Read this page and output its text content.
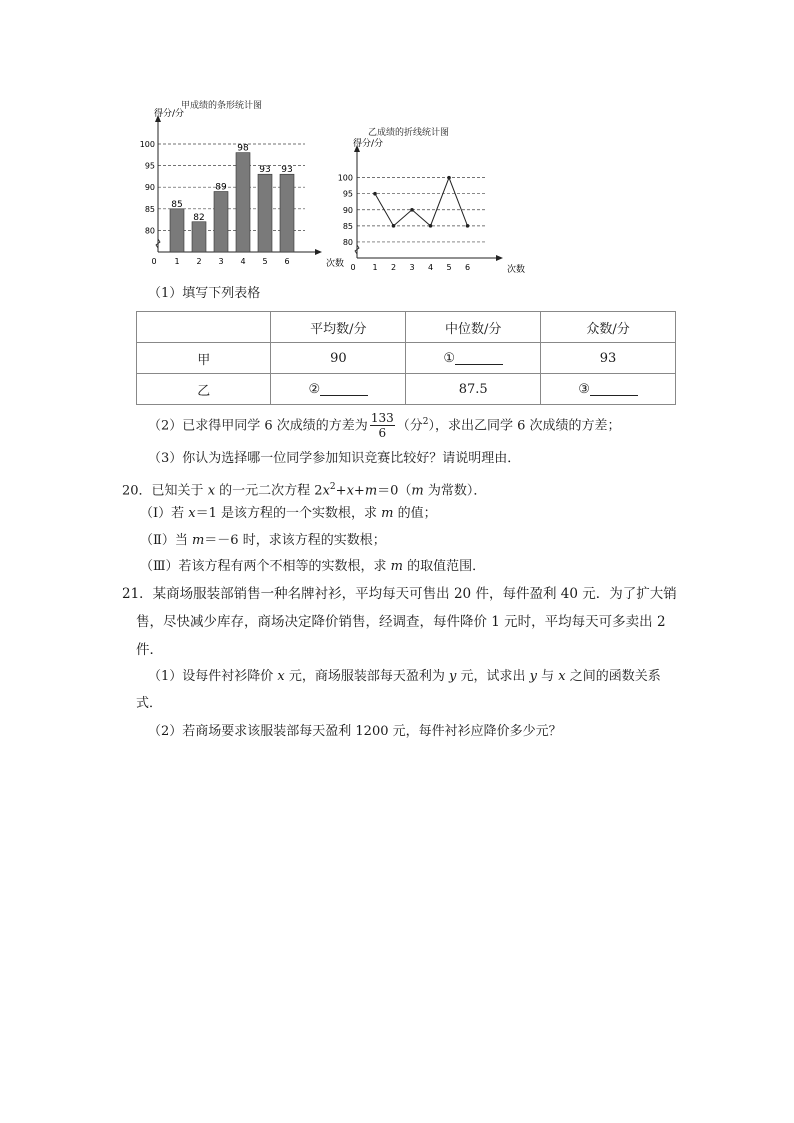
甲成绩的条形统计图
80
85
90
95
100
得分/分
次数
0
85
1
82
2
89
3
98
4
93
5
93
6
乙成绩的折线统计图
80
85
90
95
100
得分/分
次数
0 1 2 3 4 5 6
（1）填写下列表格
	平均数/分	中位数/分	众数/分
甲	90	①	93
乙	②	87.5	③
（2）已求得甲同学 6 次成绩的方差为 $\frac{133}{6}$ （分$^2$），求出乙同学 6 次成绩的方差；
（3）你认为选择哪一位同学参加知识竞赛比较好？请说明理由．
20．已知关于 x 的一元二次方程 $2x^2+x+m=0(m$ 为常数）．
（Ⅰ）若 x＝1 是该方程的一个实数根，求 m 的值；
（Ⅱ）当 m＝－6 时，求该方程的实数根；
（Ⅲ）若该方程有两个不相等的实数根，求 m 的取值范围．
21．某商场服装部销售一种名牌衬衫，平均每天可售出 20 件，每件盈利 40 元．为了扩大销
售，尽快减少库存，商场决定降价销售，经调查，每件降价 1 元时，平均每天可多卖出 2
件．
（1）设每件衬衫降价 x 元，商场服装部每天盈利为 y 元，试求出 y 与 x 之间的函数关系
式．
（2）若商场要求该服装部每天盈利 1200 元，每件衬衫应降价多少元？
